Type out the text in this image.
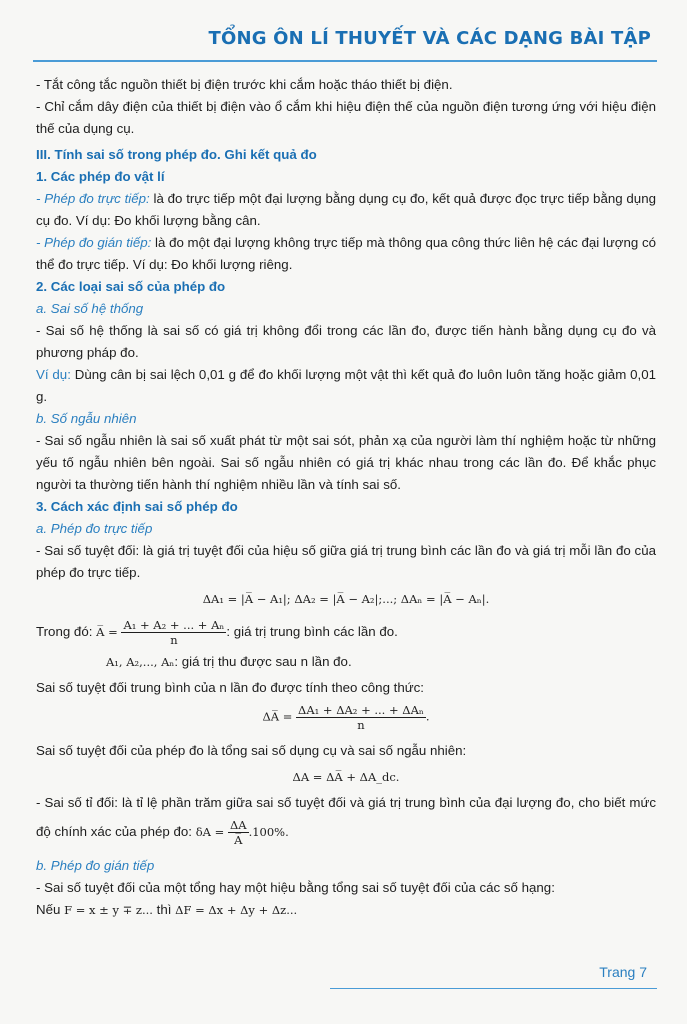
TỔNG ÔN LÍ THUYẾT VÀ CÁC DẠNG BÀI TẬP

- Tắt công tắc nguồn thiết bị điện trước khi cắm hoặc tháo thiết bị điện.

- Chỉ cắm dây điện của thiết bị điện vào ổ cắm khi hiệu điện thế của nguồn điện tương ứng với hiệu điện thế của dụng cụ.

III. Tính sai số trong phép đo. Ghi kết quả đo

1. Các phép đo vật lí

- Phép đo trực tiếp: là đo trực tiếp một đại lượng bằng dụng cụ đo, kết quả được đọc trực tiếp bằng dụng cụ đo. Ví dụ: Đo khối lượng bằng cân.

- Phép đo gián tiếp: là đo một đại lượng không trực tiếp mà thông qua công thức liên hệ các đại lượng có thể đo trực tiếp. Ví dụ: Đo khối lượng riêng.

2. Các loại sai số của phép đo

a. Sai số hệ thống

- Sai số hệ thống là sai số có giá trị không đổi trong các lần đo, được tiến hành bằng dụng cụ đo và phương pháp đo.

Ví dụ: Dùng cân bị sai lệch 0,01 g để đo khối lượng một vật thì kết quả đo luôn luôn tăng hoặc giảm 0,01 g.

b. Số ngẫu nhiên

- Sai số ngẫu nhiên là sai số xuất phát từ một sai sót, phản xạ của người làm thí nghiệm hoặc từ những yếu tố ngẫu nhiên bên ngoài. Sai số ngẫu nhiên có giá trị khác nhau trong các lần đo. Để khắc phục người ta thường tiến hành thí nghiệm nhiều lần và tính sai số.

3. Cách xác định sai số phép đo

a. Phép đo trực tiếp

- Sai số tuyệt đối: là giá trị tuyệt đối của hiệu số giữa giá trị trung bình các lần đo và giá trị mỗi lần đo của phép đo trực tiếp.

ΔA₁ = |A̅ − A₁|; ΔA₂ = |A̅ − A₂|;...; ΔAₙ = |A̅ − Aₙ|.

Trong đó: A̅ = $\frac{\text{A₁ + A₂ + ... + Aₙ}}{n}$ : giá trị trung bình các lần đo.

A₁, A₂,..., Aₙ: giá trị thu được sau n lần đo.

Sai số tuyệt đối trung bình của n lần đo được tính theo công thức:

ΔA̅ = $\frac{\text{ΔA₁ + ΔA₂ + ... + ΔAₙ}}{n}$ .

Sai số tuyệt đối của phép đo là tổng sai số dụng cụ và sai số ngẫu nhiên:

ΔA = ΔA̅ + ΔA_dc.

- Sai số tỉ đối: là tỉ lệ phần trăm giữa sai số tuyệt đối và giá trị trung bình của đại lượng đo, cho biết mức độ chính xác của phép đo: $\delta A = \frac{\Delta A}{A̅} .100\%$.

b. Phép đo gián tiếp

- Sai số tuyệt đối của một tổng hay một hiệu bằng tổng sai số tuyệt đối của các số hạng:

Nếu F = x ± y ∓ z... thì ΔF = Δx + Δy + Δz...

Trang 7
